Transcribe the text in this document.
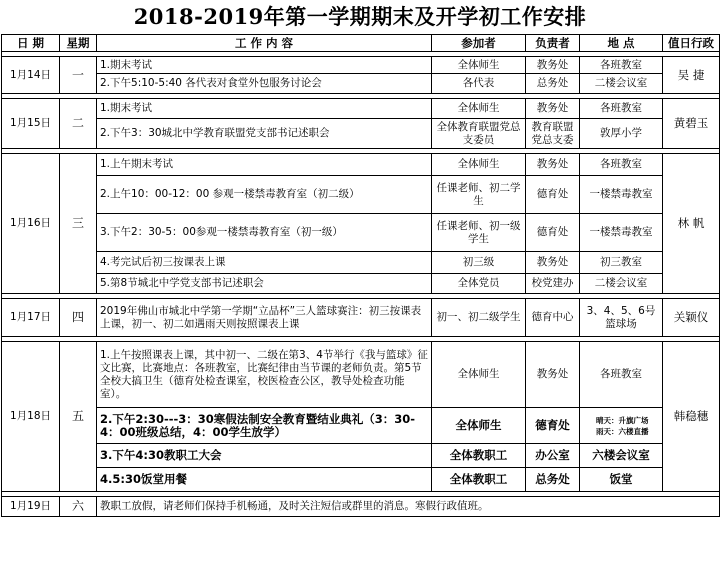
2018-2019年第一学期期末及开学初工作安排
日 期	星期	工 作 内 容	参加者	负责者	地 点	值日行政

1月14日	一	1.期末考试	全体师生	教务处	各班教室	吴 捷
		2.下午5:10-5:40 各代表对食堂外包服务讨论会	各代表	总务处	二楼会议室	

1月15日	二	1.期末考试	全体师生	教务处	各班教室	黄碧玉
		2.下午3：30城北中学教育联盟党支部书记述职会	全体教育联盟党总支委员	教育联盟党总支委	敦厚小学	

1月16日	三	1.上午期末考试	全体师生	教务处	各班教室	林 帆
		2.上午10：00-12：00 参观一楼禁毒教育室（初二级）	任课老师、初二学生	德育处	一楼禁毒教室	
		3.下午2：30-5：00参观一楼禁毒教育室（初一级）	任课老师、初一级学生	德育处	一楼禁毒教室	
		4.考完试后初三按课表上课	初三级	教务处	初三教室	
		5.第8节城北中学党支部书记述职会	全体党员	校党建办	二楼会议室	

1月17日	四	2019年佛山市城北中学第一学期“立品杯”三人篮球赛注：初三按课表上课，初一、初二如遇雨天则按照课表上课	初一、初二级学生	德育中心	3、4、5、6号篮球场	关颖仪

1月18日	五	1.上午按照课表上课，其中初一、二级在第3、4节举行《我与篮球》征文比赛，比赛地点：各班教室，比赛纪律由当节课的老师负责。第5节全校大搞卫生（德育处检查课室，校医检查公区，教导处检查功能室）。	全体师生	教务处	各班教室	韩稳穗
		2.下午2:30---3：30寒假法制安全教育暨结业典礼（3：30-4：00班级总结，4：00学生放学）	全体师生	德育处	晴天：升旗广场
雨天：六楼直播	

		3.下午4:30教职工大会	全体教职工	办公室	六楼会议室	
		4.5:30饭堂用餐	全体教职工	总务处	饭堂	

1月19日	六	教职工放假，请老师们保持手机畅通，及时关注短信或群里的消息。寒假行政值班。				
